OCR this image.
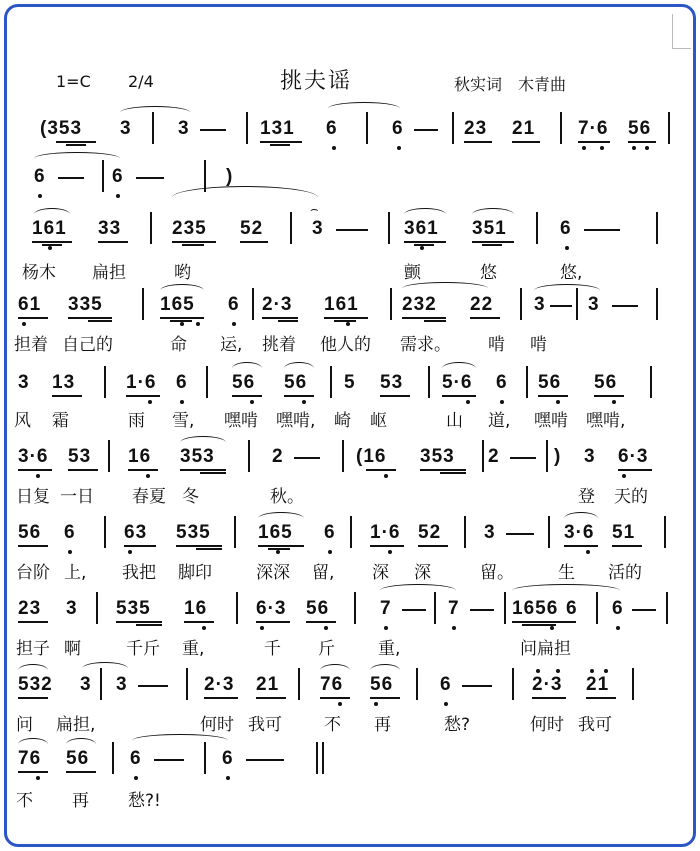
1=C 2/4	挑夫谣	秋实词　木青曲
(353 3 3	131 6	6	23 21 7·6 56
6	6	)
161 33	235 52	3	361 351	6
⌢
杨木 扁担	哟	颤	悠	悠,
61 335	165 6 2·3 161 232 22 3 3
担着 自己的	命 运, 挑着 他人的 需求。 啃 啃
3 13	1·6 6 56 56 5 53 5·6 6 56 56
风 霜	雨 雪, 嘿啃 嘿啃, 崎 岖	山 道, 嘿啃 嘿啃,
3·6 53 16 353	2	(16 353 2	) 3 6·3
日复 一日 春夏 冬	秋。	登 天的
56 6	63 535 165 6 1·6 52 3	3·6 51
台阶 上, 我把 脚印	深深 留, 深 深	留。	生 活的
23 3 535 16	6·3 56	7	7	1656	6
担子 啊	千斤 重,	千 斤	重,	问扁担
532 3 3	2·3 21 76 56 6	2·3 21
问 扁担,	何时 我可 不 再	愁?	何时 我可
76 56 6	6
不 再 愁?!
6
